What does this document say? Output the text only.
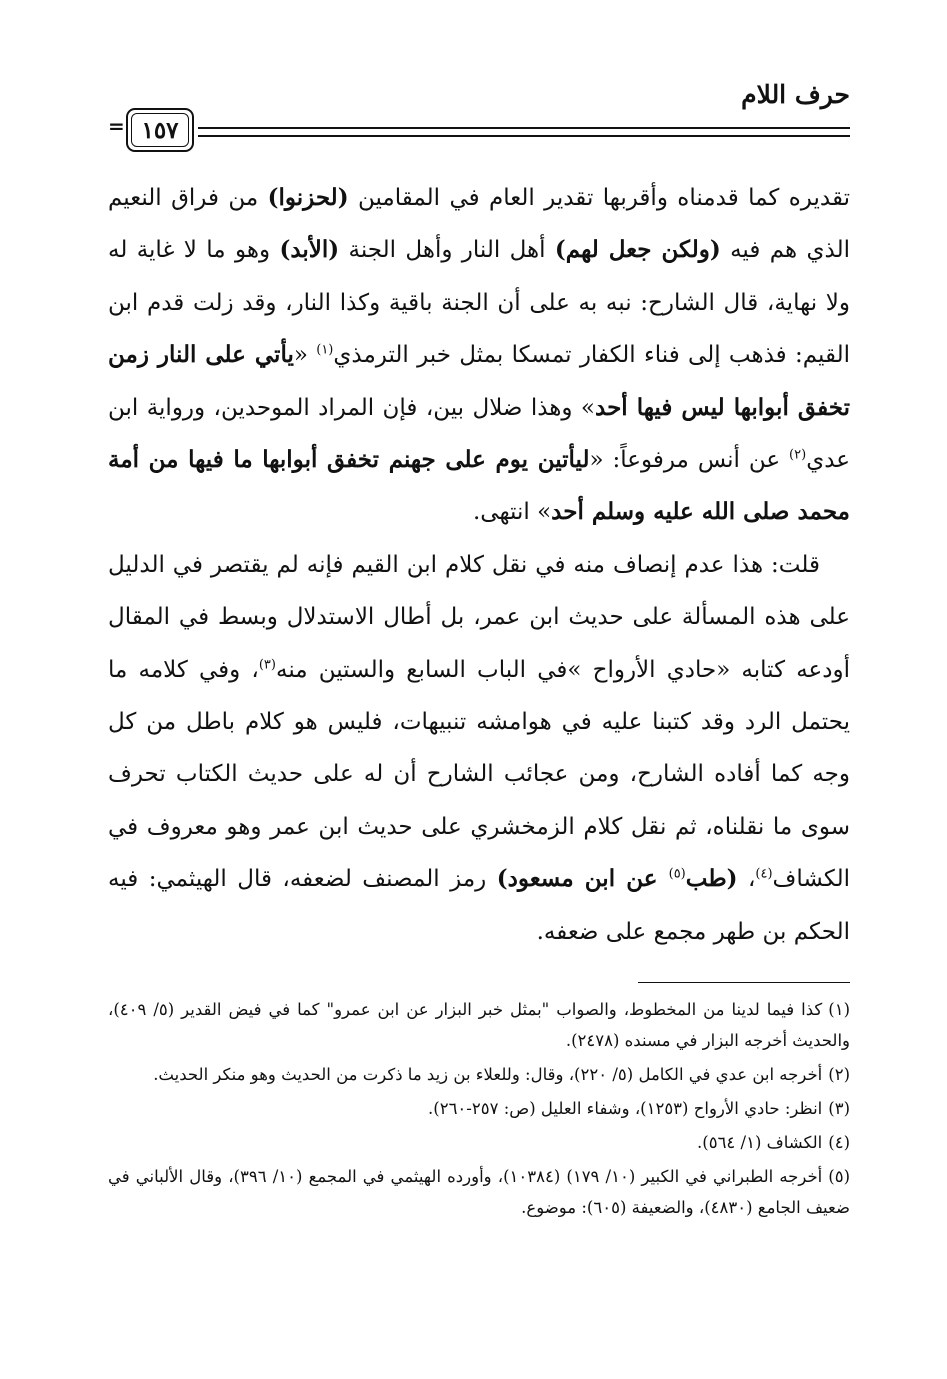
حرف اللام
= ١٥٧

تقديره كما قدمناه وأقربها تقدير العام في المقامين (لحزنوا) من فراق النعيم الذي هم فيه (ولكن جعل لهم) أهل النار وأهل الجنة (الأبد) وهو ما لا غاية له ولا نهاية، قال الشارح: نبه به على أن الجنة باقية وكذا النار، وقد زلت قدم ابن القيم: فذهب إلى فناء الكفار تمسكا بمثل خبر الترمذي$^{(١)}$ «يأتي على النار زمن تخفق أبوابها ليس فيها أحد» وهذا ضلال بين، فإن المراد الموحدين، ورواية ابن عدي$^{(٢)}$ عن أنس مرفوعاً: «ليأتين يوم على جهنم تخفق أبوابها ما فيها من أمة محمد صلى الله عليه وسلم أحد» انتهى.

قلت: هذا عدم إنصاف منه في نقل كلام ابن القيم فإنه لم يقتصر في الدليل على هذه المسألة على حديث ابن عمر، بل أطال الاستدلال وبسط في المقال أودعه كتابه «حادي الأرواح »في الباب السابع والستين منه$^{(٣)}$، وفي كلامه ما يحتمل الرد وقد كتبنا عليه في هوامشه تنبيهات، فليس هو كلام باطل من كل وجه كما أفاده الشارح، ومن عجائب الشارح أن له على حديث الكتاب تحرف سوى ما نقلناه، ثم نقل كلام الزمخشري على حديث ابن عمر وهو معروف في الكشاف$^{(٤)}$، (طب$^{(٥)}$ عن ابن مسعود) رمز المصنف لضعفه، قال الهيثمي: فيه الحكم بن طهر مجمع على ضعفه.

(١)كذا فيما لدينا من المخطوط، والصواب "بمثل خبر البزار عن ابن عمرو" كما في فيض القدير (٥/ ٤٠٩)، والحديث أخرجه البزار في مسنده (٢٤٧٨).

(٢)أخرجه ابن عدي في الكامل (٥/ ٢٢٠)، وقال: وللعلاء بن زيد ما ذكرت من الحديث وهو منكر الحديث.

(٣)انظر: حادي الأرواح (١٢٥٣)، وشفاء العليل (ص: ٢٥٧-٢٦٠).

(٤)الكشاف (١/ ٥٦٤).

(٥)أخرجه الطبراني في الكبير (١٠/ ١٧٩) (١٠٣٨٤)، وأورده الهيثمي في المجمع (١٠/ ٣٩٦)، وقال الألباني في ضعيف الجامع (٤٨٣٠)، والضعيفة (٦٠٥): موضوع.
